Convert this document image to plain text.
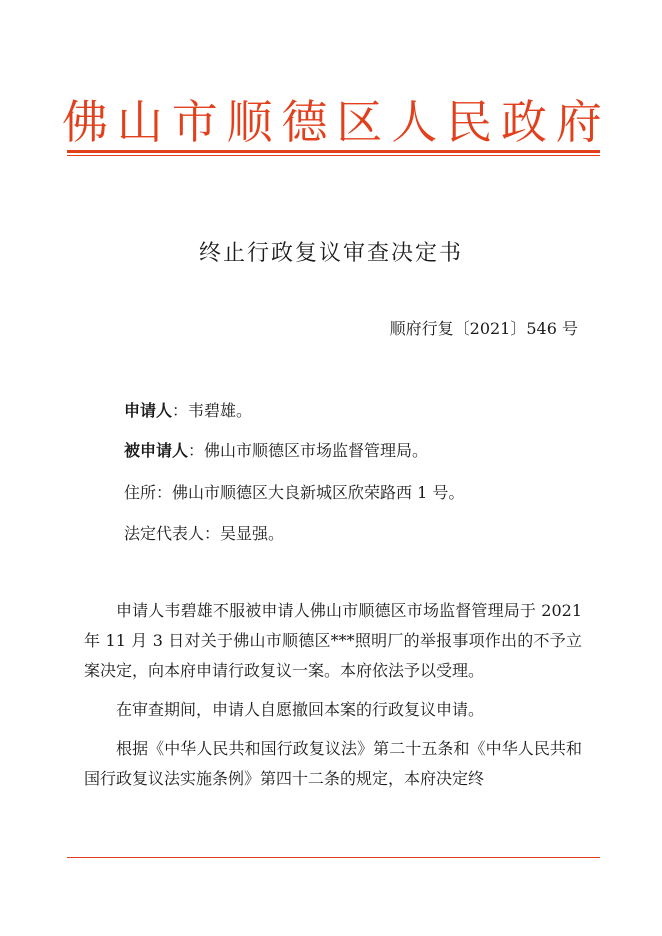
佛 山 市 顺 德 区 人 民 政 府
终止行政复议审查决定书
顺府行复〔2021〕546 号
申请人：韦碧雄。
被申请人：佛山市顺德区市场监督管理局。
住所：佛山市顺德区大良新城区欣荣路西 1 号。
法定代表人：吴显强。

申请人韦碧雄不服被申请人佛山市顺德区市场监督管理局于 2021 年 11 月 3 日对关于佛山市顺德区***照明厂的举报事项作出的不予立案决定，向本府申请行政复议一案。本府依法予以受理。

在审查期间，申请人自愿撤回本案的行政复议申请。

根据《中华人民共和国行政复议法》第二十五条和《中华人民共和国行政复议法实施条例》第四十二条的规定，本府决定终
